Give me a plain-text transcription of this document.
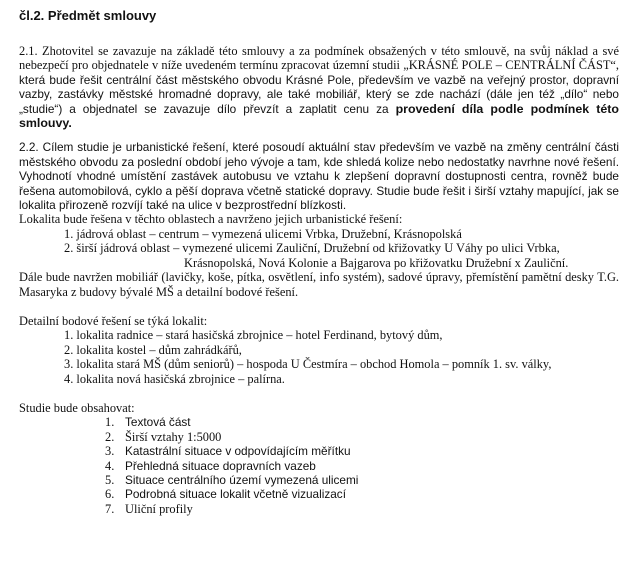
čl.2. Předmět smlouvy

2.1. Zhotovitel se zavazuje na základě této smlouvy a za podmínek obsažených v této smlouvě, na svůj náklad a své nebezpečí pro objednatele v níže uvedeném termínu zpracovat územní studii „KRÁSNÉ POLE – CENTRÁLNÍ ČÁST“, která bude řešit centrální část městského obvodu Krásné Pole, především ve vazbě na veřejný prostor, dopravní vazby, zastávky městské hromadné dopravy, ale také mobiliář, který se zde nachází (dále jen též „dílo“ nebo „studie“) a objednatel se zavazuje dílo převzít a zaplatit cenu za provedení díla podle podmínek této smlouvy.

2.2. Cílem studie je urbanistické řešení, které posoudí aktuální stav především ve vazbě na změny centrální části městského obvodu za poslední období jeho vývoje a tam, kde shledá kolize nebo nedostatky navrhne nové řešení. Vyhodnotí vhodné umístění zastávek autobusu ve vztahu k zlepšení dopravní dostupnosti centra, rovněž bude řešena automobilová, cyklo a pěší doprava včetně statické dopravy. Studie bude řešit i širší vztahy mapující, jak se lokalita přirozeně rozvíjí také na ulice v bezprostřední blízkosti.

Lokalita bude řešena v těchto oblastech a navrženo jejich urbanistické řešení:

1. jádrová oblast – centrum – vymezená ulicemi Vrbka, Družební, Krásnopolská
2. širší jádrová oblast – vymezené ulicemi Zauliční, Družební od křižovatky U Váhy po ulici Vrbka,
Krásnopolská, Nová Kolonie a Bajgarova po křižovatku Družební x Zauliční.

Dále bude navržen mobiliář (lavičky, koše, pítka, osvětlení, info systém), sadové úpravy, přemístění pamětní desky T.G. Masaryka z budovy bývalé MŠ a detailní bodové řešení.

Detailní bodové řešení se týká lokalit:

1. lokalita radnice – stará hasičská zbrojnice – hotel Ferdinand, bytový dům,
2. lokalita kostel – dům zahrádkářů,
3. lokalita stará MŠ (dům seniorů) – hospoda U Čestmíra – obchod Homola – pomník 1. sv. války,
4. lokalita nová hasičská zbrojnice – palírna.

Studie bude obsahovat:

1. Textová část
2. Širší vztahy 1:5000
3. Katastrální situace v odpovídajícím měřítku
4. Přehledná situace dopravních vazeb
5. Situace centrálního území vymezená ulicemi
6. Podrobná situace lokalit včetně vizualizací
7. Uliční profily
